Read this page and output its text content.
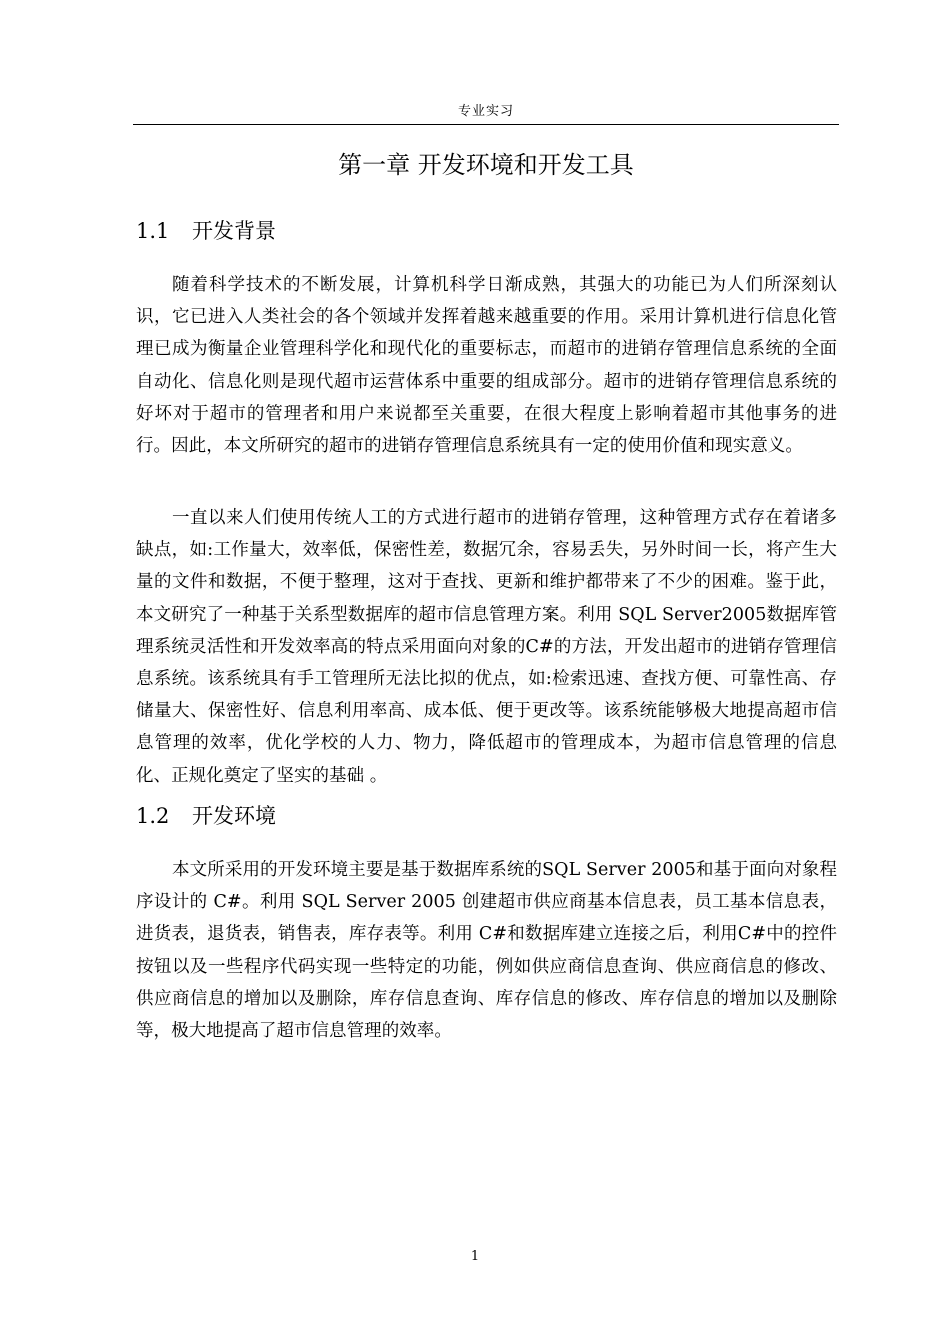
专业实习
第一章 开发环境和开发工具
1.1 开发背景

随着科学技术的不断发展，计算机科学日渐成熟，其强大的功能已为人们所深刻认识，它已进入人类社会的各个领域并发挥着越来越重要的作用。采用计算机进行信息化管理已成为衡量企业管理科学化和现代化的重要标志，而超市的进销存管理信息系统的全面自动化、信息化则是现代超市运营体系中重要的组成部分。超市的进销存管理信息系统的好坏对于超市的管理者和用户来说都至关重要，在很大程度上影响着超市其他事务的进行。因此，本文所研究的超市的进销存管理信息系统具有一定的使用价值和现实意义。

一直以来人们使用传统人工的方式进行超市的进销存管理，这种管理方式存在着诸多缺点，如:工作量大，效率低，保密性差，数据冗余，容易丢失，另外时间一长，将产生大量的文件和数据，不便于整理，这对于查找、更新和维护都带来了不少的困难。鉴于此，本文研究了一种基于关系型数据库的超市信息管理方案。利用 SQL Server2005数据库管理系统灵活性和开发效率高的特点采用面向对象的C#的方法，开发出超市的进销存管理信息系统。该系统具有手工管理所无法比拟的优点，如:检索迅速、查找方便、可靠性高、存储量大、保密性好、信息利用率高、成本低、便于更改等。该系统能够极大地提高超市信息管理的效率，优化学校的人力、物力，降低超市的管理成本，为超市信息管理的信息化、正规化奠定了坚实的基础 。

1.2 开发环境

本文所采用的开发环境主要是基于数据库系统的SQL Server 2005和基于面向对象程序设计的 C#。利用 SQL Server 2005 创建超市供应商基本信息表，员工基本信息表，进货表，退货表，销售表，库存表等。利用 C#和数据库建立连接之后，利用C#中的控件按钮以及一些程序代码实现一些特定的功能，例如供应商信息查询、供应商信息的修改、供应商信息的增加以及删除，库存信息查询、库存信息的修改、库存信息的增加以及删除等，极大地提高了超市信息管理的效率。

1
